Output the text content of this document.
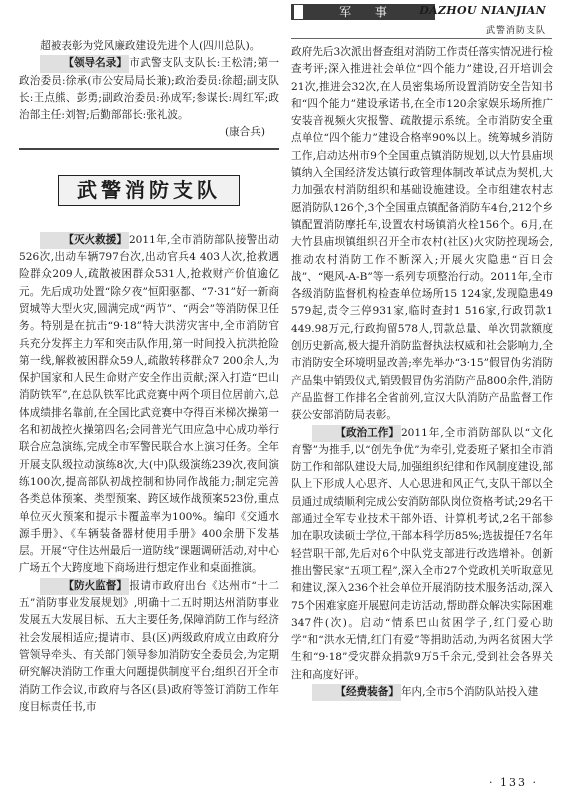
军 事	DAZHOU NIANJIAN
武警消防支队

超被表彰为党风廉政建设先进个人(四川总队)。

【领导名录】 市武警支队支队长:王松清;第一政治委员:徐承(市公安局局长兼);政治委员:徐超;副支队长:王点熊、彭勇;副政治委员:孙成军;参谋长:周红军;政治部主任:刘智;后勤部部长:张礼波。

(康合兵)
武警消防支队

【灭火救援】 2011年,全市消防部队接警出动526次,出动车辆797台次,出动官兵4 403人次,抢救遇险群众209人,疏散被困群众531人,抢救财产价值逾亿元。先后成功处置“除夕夜”恒阳驱都、“7·31”好一新商贸城等大型火灾,圆满完成“两节”、“两会”等消防保卫任务。特别是在抗击“9·18”特大洪涝灾害中,全市消防官兵充分发挥主力军和突击队作用,第一时间投入抗洪抢险第一线,解救被困群众59人,疏散转移群众7 200余人,为保护国家和人民生命财产安全作出贡献;深入打造“巴山消防铁军”,在总队铁军比武竞赛中两个项目位居前六,总体成绩排名靠前,在全国比武竞赛中夺得百米梯次操第一名和初战控火操第四名;会同普光气田应急中心成功举行联合应急演练,完成全市军警民联合水上演习任务。全年开展支队级拉动演练8次,大(中)队级演练239次,夜间演练100次,提高部队初战控制和协同作战能力;制定完善各类总体预案、类型预案、跨区域作战预案523份,重点单位灭火预案和提示卡覆盖率为100%。编印《交通水源手册》、《车辆装备器材使用手册》400余册下发基层。开展“守住达州最后一道防线”课题调研活动,对中心广场五个大跨度地下商场进行想定作业和桌面推演。

【防火监督】 报请市政府出台《达州市“十二五”消防事业发展规划》,明确十二五时期达州消防事业发展五大发展目标、五大主要任务,保障消防工作与经济社会发展相适应;提请市、县(区)两级政府成立由政府分管领导牵头、有关部门领导参加消防安全委员会,为定期研究解决消防工作重大问题提供制度平台;组织召开全市消防工作会议,市政府与各区(县)政府等签订消防工作年度目标责任书,市

政府先后3次派出督查组对消防工作责任落实情况进行检查考评;深入推进社会单位“四个能力”建设,召开培训会21次,推进会32次,在人员密集场所设置消防安全告知书和“四个能力”建设承诺书,在全市120余家娱乐场所推广安装音视频火灾报警、疏散提示系统。全市消防安全重点单位“四个能力”建设合格率90%以上。统筹城乡消防工作,启动达州市9个全国重点镇消防规划,以大竹县庙坝镇纳入全国经济发达镇行政管理体制改革试点为契机,大力加强农村消防组织和基础设施建设。全市组建农村志愿消防队126个,3个全国重点镇配备消防车4台,212个乡镇配置消防摩托车,设置农村场镇消火栓156个。6月,在大竹县庙坝镇组织召开全市农村(社区)火灾防控现场会,推动农村消防工作不断深入;开展火灾隐患“百日会战”、“飓风-A-B”等一系列专项整治行动。2011年,全市各级消防监督机构检查单位场所15 124家,发现隐患49 579起,责令三停931家,临时查封1 516家,行政罚款1 449.98万元,行政拘留578人,罚款总量、单次罚款额度创历史新高,极大提升消防监督执法权威和社会影响力,全市消防安全环境明显改善;率先举办“3·15”假冒伪劣消防产品集中销毁仪式,销毁假冒伪劣消防产品800余件,消防产品监督工作排名全省前列,宣汉大队消防产品监督工作获公安部消防局表彰。

【政治工作】 2011年,全市消防部队以“文化育警”为推手,以“创先争优”为牵引,党委班子紧扣全市消防工作和部队建设大局,加强组织纪律和作风制度建设,部队上下形成人心思齐、人心思进和风正气,支队干部以全员通过成绩顺利完成公安消防部队岗位资格考试;29名干部通过全军专业技术干部外语、计算机考试,2名干部参加在职攻读硕士学位,干部本科学历85%;选拔提任7名年轻营职干部,先后对6个中队党支部进行改选增补。创新推出警民家“五项工程”,深入全市27个党政机关听取意见和建议,深入236个社会单位开展消防技术服务活动,深入75个困难家庭开展慰问走访活动,帮助群众解决实际困难347件(次)。启动“情系巴山贫困学子,红门爱心助学”和“洪水无情,红门有爱”等捐助活动,为两名贫困大学生和“9·18”受灾群众捐款9万5千余元,受到社会各界关注和高度好评。

【经费装备】 年内,全市5个消防队站投入建

· 133 ·
